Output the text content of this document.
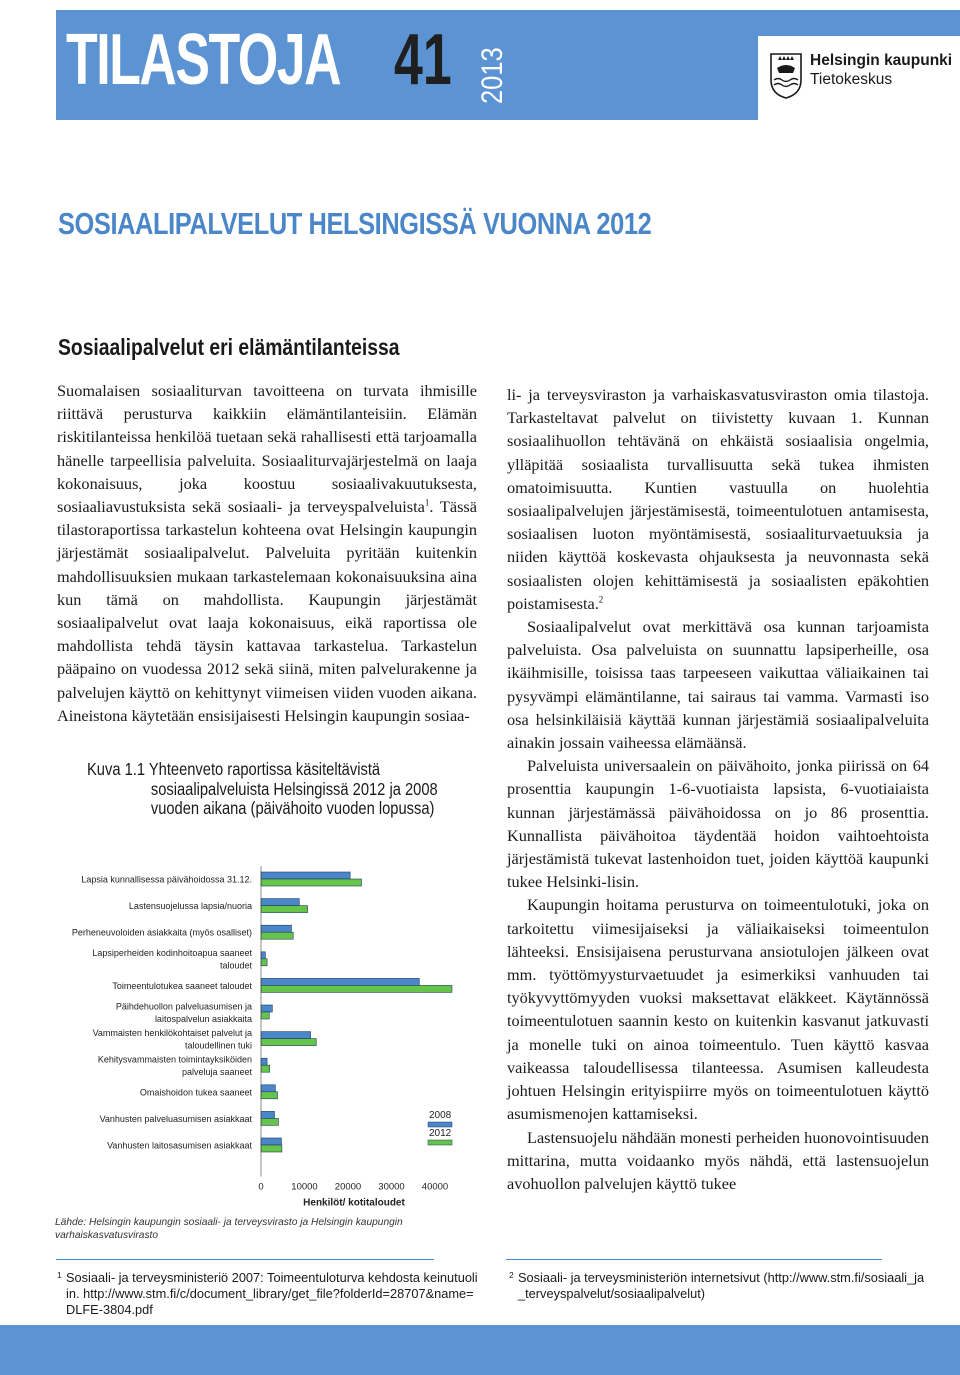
TILASTOJA 41 2013	Helsingin kaupunki
Tietokeskus
SOSIAALIPALVELUT HELSINGISSÄ VUONNA 2012
Sosiaalipalvelut eri elämäntilanteissa

Suomalaisen sosiaaliturvan tavoitteena on turvata ihmisille riittävä perusturva kaikkiin elämäntilanteisiin. Elämän riskitilanteissa henkilöä tuetaan sekä rahallisesti että tarjoamalla hänelle tarpeellisia palveluita. Sosiaaliturvajärjestelmä on laaja kokonaisuus, joka koostuu sosiaalivakuutuksesta, sosiaaliavustuksista sekä sosiaali- ja terveyspalveluista$^1$. Tässä tilastoraportissa tarkastelun kohteena ovat Helsingin kaupungin järjestämät sosiaalipalvelut. Palveluita pyritään kuitenkin mahdollisuuksien mukaan tarkastelemaan kokonaisuuksina aina kun tämä on mahdollista. Kaupungin järjestämät sosiaalipalvelut ovat laaja kokonaisuus, eikä raportissa ole mahdollista tehdä täysin kattavaa tarkastelua. Tarkastelun pääpaino on vuodessa 2012 sekä siinä, miten palvelurakenne ja palvelujen käyttö on kehittynyt viimeisen viiden vuoden aikana. Aineistona käytetään ensisijaisesti Helsingin kaupungin sosiaa-

Kuva 1.1 Yhteenveto raportissa käsiteltävistä
sosiaalipalveluista Helsingissä 2012 ja 2008
vuoden aikana (päivähoito vuoden lopussa)
Lapsia kunnallisessa päivähoidossa 31.12.
Lastensuojelussa lapsia/nuoria
Perheneuvoloiden asiakkaita (myös osalliset)
Lapsiperheiden kodinhoitoapua saaneet
taloudet
Toimeentulotukea saaneet taloudet
Päihdehuollon palveluasumisen ja
laitospalvelun asiakkaita
Vammaisten henkilökohtaiset palvelut ja
taloudellinen tuki
Kehitysvammaisten toimintayksiköiden
palveluja saaneet
Omaishoidon tukea saaneet
Vanhusten palveluasumisen asiakkaat
Vanhusten laitosasumisen asiakkaat
0	10000 20000 30000 40000
Henkilöt/ kotitaloudet
2008
2012
Lähde: Helsingin kaupungin sosiaali- ja terveysvirasto ja Helsingin kaupungin varhaiskasvatusvirasto

li- ja terveysviraston ja varhaiskasvatusviraston omia tilastoja. Tarkasteltavat palvelut on tiivistetty kuvaan 1. Kunnan sosiaalihuollon tehtävänä on ehkäistä sosiaalisia ongelmia, ylläpitää sosiaalista turvallisuutta sekä tukea ihmisten omatoimisuutta. Kuntien vastuulla on huolehtia sosiaalipalvelujen järjestämisestä, toimeentulotuen antamisesta, sosiaalisen luoton myöntämisestä, sosiaaliturvaetuuksia ja niiden käyttöä koskevasta ohjauksesta ja neuvonnasta sekä sosiaalisten olojen kehittämisestä ja sosiaalisten epäkohtien poistamisesta.$^2$

Sosiaalipalvelut ovat merkittävä osa kunnan tarjoamista palveluista. Osa palveluista on suunnattu lapsiperheille, osa ikäihmisille, toisissa taas tarpeeseen vaikuttaa väliaikainen tai pysyvämpi elämäntilanne, tai sairaus tai vamma. Varmasti iso osa helsinkiläisiä käyttää kunnan järjestämiä sosiaalipalveluita ainakin jossain vaiheessa elämäänsä.

Palveluista universaalein on päivähoito, jonka piirissä on 64 prosenttia kaupungin 1-6-vuotiaista lapsista, 6-vuotiaiaista kunnan järjestämässä päivähoidossa on jo 86 prosenttia. Kunnallista päivähoitoa täydentää hoidon vaihtoehtoista järjestämistä tukevat lastenhoidon tuet, joiden käyttöä kaupunki tukee Helsinki-lisin.

Kaupungin hoitama perusturva on toimeentulotuki, joka on tarkoitettu viimesijaiseksi ja väliaikaiseksi toimeentulon lähteeksi. Ensisijaisena perusturvana ansiotulojen jälkeen ovat mm. työttömyysturvaetuudet ja esimerkiksi vanhuuden tai työkyvyttömyyden vuoksi maksettavat eläkkeet. Käytännössä toimeentulotuen saannin kesto on kuitenkin kasvanut jatkuvasti ja monelle tuki on ainoa toimeentulo. Tuen käyttö kasvaa vaikeassa taloudellisessa tilanteessa. Asumisen kalleudesta johtuen Helsingin erityispiirre myös on toimeentulotuen käyttö asumismenojen kattamiseksi.

Lastensuojelu nähdään monesti perheiden huonovointisuuden mittarina, mutta voidaanko myös nähdä, että lastensuojelun avohuollon palvelujen käyttö tukee

1 Sosiaali- ja terveysministeriö 2007: Toimeentuloturva kehdosta keinutuoliin. http://www.stm.fi/c/document_library/get_file?folderId=28707&name=DLFE-3804.pdf
2 Sosiaali- ja terveysministeriön internetsivut (http://www.stm.fi/sosiaali_ja_terveyspalvelut/sosiaalipalvelut)
